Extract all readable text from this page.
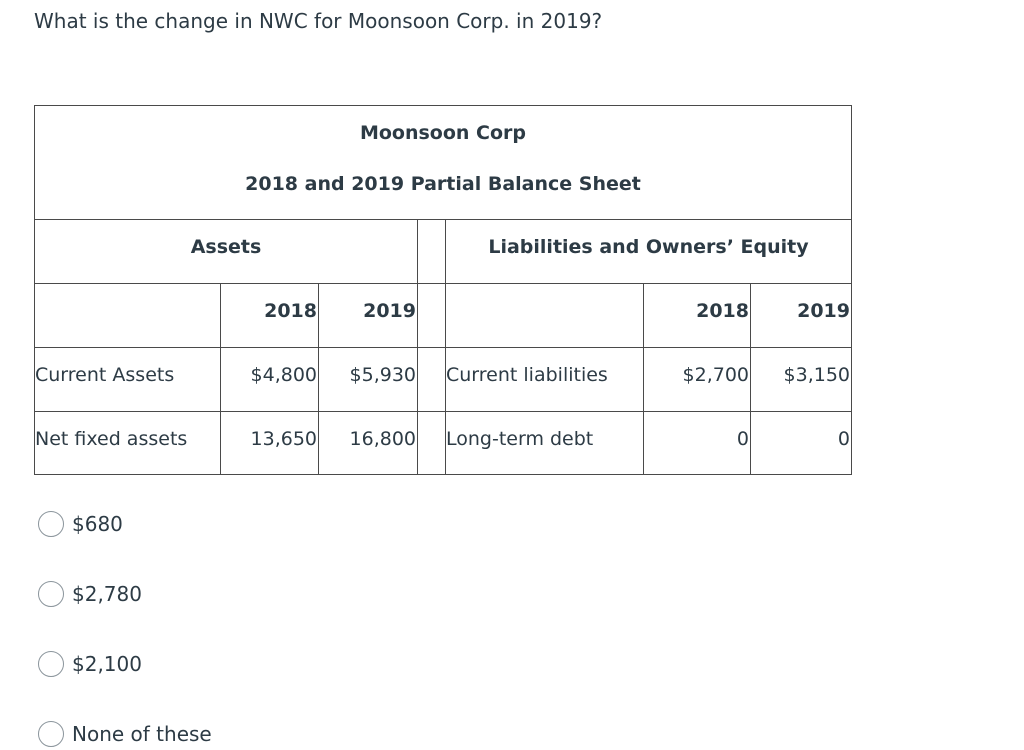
What is the change in NWC for Moonsoon Corp. in 2019?
Moonsoon Corp
2018 and 2019 Partial Balance Sheet
Assets	Liabilities and Owners’ Equity
2018	2019	2018	2019
Current Assets	$4,800	$5,930 Current liabilities	$2,700	$3,150
Net fixed assets	13,650	16,800 Long-term debt	0	0
$680
$2,780
$2,100
None of these
